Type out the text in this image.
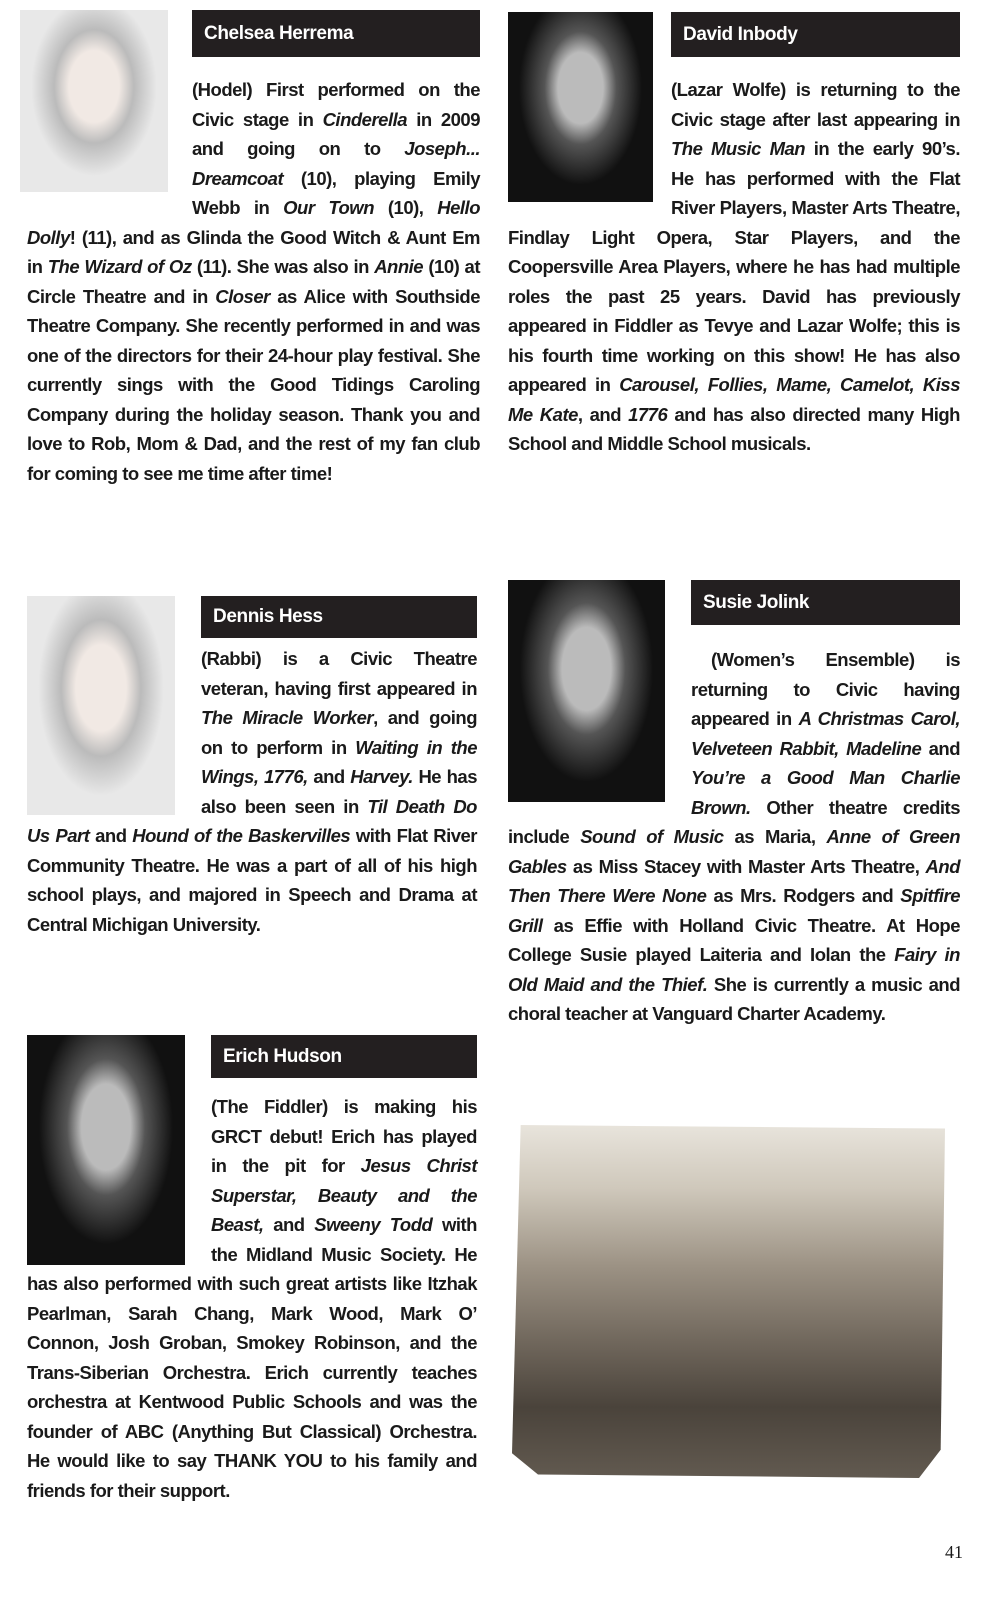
Chelsea Herrema

(Hodel) First performed on the Civic stage in Cinderella in 2009 and going on to Joseph... Dreamcoat (10), playing Emily Webb in Our Town (10), Hello Dolly! (11), and as Glinda the Good Witch & Aunt Em in The Wizard of Oz (11). She was also in Annie (10) at Circle Theatre and in Closer as Alice with Southside Theatre Company. She recently performed in and was one of the directors for their 24-hour play festival. She currently sings with the Good Tidings Caroling Company during the holiday season. Thank you and love to Rob, Mom & Dad, and the rest of my fan club for coming to see me time after time!

David Inbody

(Lazar Wolfe) is returning to the Civic stage after last appearing in The Music Man in the early 90’s. He has performed with the Flat River Players, Master Arts Theatre, Findlay Light Opera, Star Players, and the Coopersville Area Players, where he has had multiple roles the past 25 years. David has previously appeared in Fiddler as Tevye and Lazar Wolfe; this is his fourth time working on this show! He has also appeared in Carousel, Follies, Mame, Camelot, Kiss Me Kate, and 1776 and has also directed many High School and Middle School musicals.

Dennis Hess

(Rabbi) is a Civic Theatre veteran, having first appeared in The Miracle Worker, and going on to perform in Waiting in the Wings, 1776, and Harvey. He has also been seen in Til Death Do Us Part and Hound of the Baskervilles with Flat River Community Theatre. He was a part of all of his high school plays, and majored in Speech and Drama at Central Michigan University.

Susie Jolink

(Women’s Ensemble) is returning to Civic having appeared in A Christmas Carol, Velveteen Rabbit, Madeline and You’re a Good Man Charlie Brown. Other theatre credits include Sound of Music as Maria, Anne of Green Gables as Miss Stacey with Master Arts Theatre, And Then There Were None as Mrs. Rodgers and Spitfire Grill as Effie with Holland Civic Theatre. At Hope College Susie played Laiteria and Iolan the Fairy in Old Maid and the Thief. She is currently a music and choral teacher at Vanguard Charter Academy.

Erich Hudson

(The Fiddler) is making his GRCT debut! Erich has played in the pit for Jesus Christ Superstar, Beauty and the Beast, and Sweeny Todd with the Midland Music Society. He has also performed with such great artists like Itzhak Pearlman, Sarah Chang, Mark Wood, Mark O’ Connon, Josh Groban, Smokey Robinson, and the Trans-Siberian Orchestra. Erich currently teaches orchestra at Kentwood Public Schools and was the founder of ABC (Anything But Classical) Orchestra. He would like to say THANK YOU to his family and friends for their support.

41
